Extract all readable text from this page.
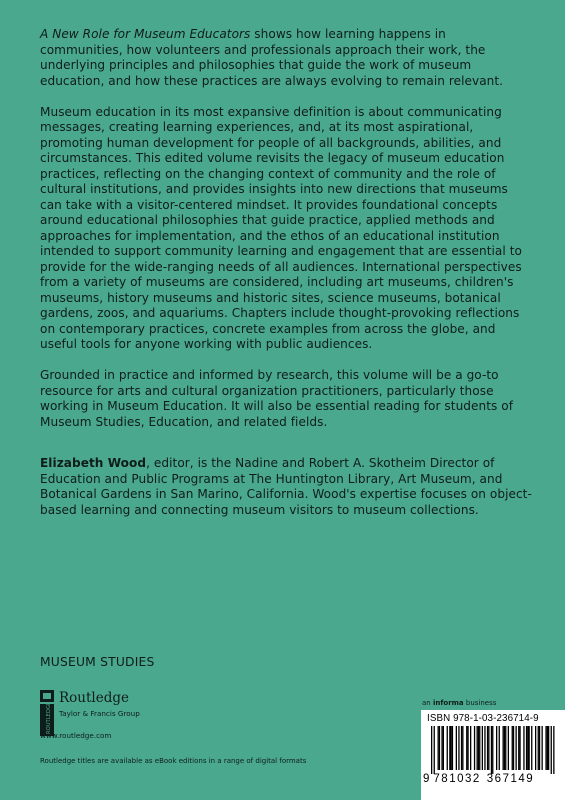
A New Role for Museum Educators shows how learning happens in communities, how volunteers and professionals approach their work, the underlying principles and philosophies that guide the work of museum education, and how these practices are always evolving to remain relevant.

Museum education in its most expansive definition is about communicating messages, creating learning experiences, and, at its most aspirational, promoting human development for people of all backgrounds, abilities, and circumstances. This edited volume revisits the legacy of museum education practices, reflecting on the changing context of community and the role of cultural institutions, and provides insights into new directions that museums can take with a visitor-centered mindset. It provides foundational concepts around educational philosophies that guide practice, applied methods and approaches for implementation, and the ethos of an educational institution intended to support community learning and engagement that are essential to provide for the wide-ranging needs of all audiences. International perspectives from a variety of museums are considered, including art museums, children's museums, history museums and historic sites, science museums, botanical gardens, zoos, and aquariums. Chapters include thought-provoking reflections on contemporary practices, concrete examples from across the globe, and useful tools for anyone working with public audiences.

Grounded in practice and informed by research, this volume will be a go-to resource for arts and cultural organization practitioners, particularly those working in Museum Education. It will also be essential reading for students of Museum Studies, Education, and related fields.

Elizabeth Wood, editor, is the Nadine and Robert A. Skotheim Director of Education and Public Programs at The Huntington Library, Art Museum, and Botanical Gardens in San Marino, California. Wood's expertise focuses on object-based learning and connecting museum visitors to museum collections.

MUSEUM STUDIES
ROUTLEDGE
Routledge
Taylor & Francis Group
www.routledge.com
Routledge titles are available as eBook editions in a range of digital formats
an informa business
ISBN 978-1-03-236714-9
9 781032 367149
